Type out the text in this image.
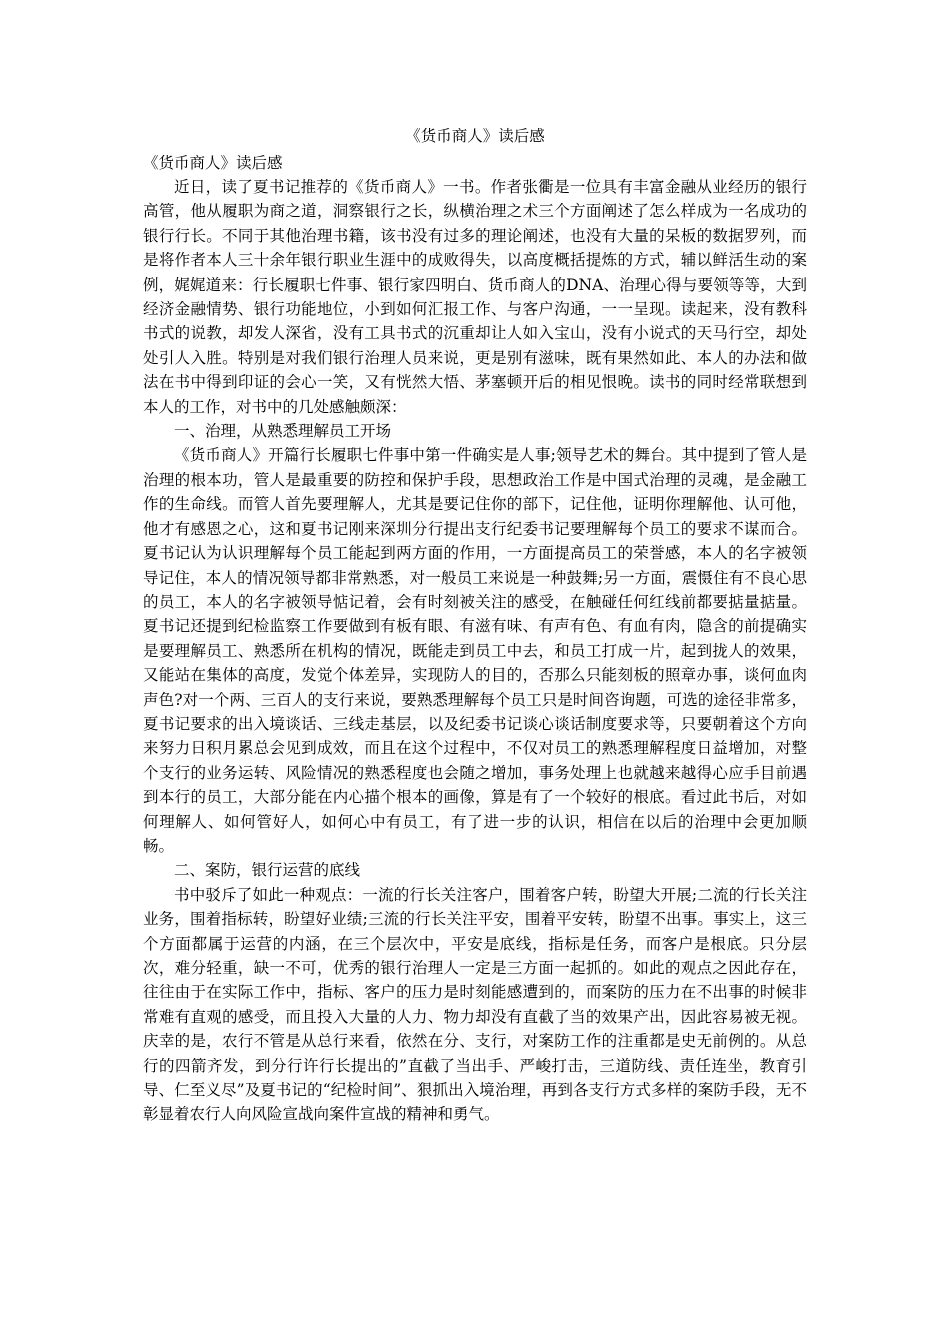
《货币商人》读后感
《货币商人》读后感

近日，读了夏书记推荐的《货币商人》一书。作者张衢是一位具有丰富金融从业经历的银行高管，他从履职为商之道，洞察银行之长，纵横治理之术三个方面阐述了怎么样成为一名成功的银行行长。不同于其他治理书籍，该书没有过多的理论阐述，也没有大量的呆板的数据罗列，而是将作者本人三十余年银行职业生涯中的成败得失，以高度概括提炼的方式，辅以鲜活生动的案例，娓娓道来：行长履职七件事、银行家四明白、货币商人的DNA、治理心得与要领等等，大到经济金融情势、银行功能地位，小到如何汇报工作、与客户沟通，一一呈现。读起来，没有教科书式的说教，却发人深省，没有工具书式的沉重却让人如入宝山，没有小说式的天马行空，却处处引人入胜。特别是对我们银行治理人员来说，更是别有滋味，既有果然如此、本人的办法和做法在书中得到印证的会心一笑，又有恍然大悟、茅塞顿开后的相见恨晚。读书的同时经常联想到本人的工作，对书中的几处感触颇深：

一、治理，从熟悉理解员工开场

《货币商人》开篇行长履职七件事中第一件确实是人事;领导艺术的舞台。其中提到了管人是治理的根本功，管人是最重要的防控和保护手段，思想政治工作是中国式治理的灵魂，是金融工作的生命线。而管人首先要理解人，尤其是要记住你的部下，记住他，证明你理解他、认可他，他才有感恩之心，这和夏书记刚来深圳分行提出支行纪委书记要理解每个员工的要求不谋而合。夏书记认为认识理解每个员工能起到两方面的作用，一方面提高员工的荣誉感，本人的名字被领导记住，本人的情况领导都非常熟悉，对一般员工来说是一种鼓舞;另一方面，震慑住有不良心思的员工，本人的名字被领导惦记着，会有时刻被关注的感受，在触碰任何红线前都要掂量掂量。夏书记还提到纪检监察工作要做到有板有眼、有滋有味、有声有色、有血有肉，隐含的前提确实是要理解员工、熟悉所在机构的情况，既能走到员工中去，和员工打成一片，起到拢人的效果，又能站在集体的高度，发觉个体差异，实现防人的目的，否那么只能刻板的照章办事，谈何血肉声色?对一个两、三百人的支行来说，要熟悉理解每个员工只是时间咨询题，可选的途径非常多，夏书记要求的出入境谈话、三线走基层，以及纪委书记谈心谈话制度要求等，只要朝着这个方向来努力日积月累总会见到成效，而且在这个过程中，不仅对员工的熟悉理解程度日益增加，对整个支行的业务运转、风险情况的熟悉程度也会随之增加，事务处理上也就越来越得心应手目前遇到本行的员工，大部分能在内心描个根本的画像，算是有了一个较好的根底。看过此书后，对如何理解人、如何管好人，如何心中有员工，有了进一步的认识，相信在以后的治理中会更加顺畅。

二、案防，银行运营的底线

书中驳斥了如此一种观点：一流的行长关注客户，围着客户转，盼望大开展;二流的行长关注业务，围着指标转，盼望好业绩;三流的行长关注平安，围着平安转，盼望不出事。事实上，这三个方面都属于运营的内涵，在三个层次中，平安是底线，指标是任务，而客户是根底。只分层次，难分轻重，缺一不可，优秀的银行治理人一定是三方面一起抓的。如此的观点之因此存在，往往由于在实际工作中，指标、客户的压力是时刻能感遭到的，而案防的压力在不出事的时候非常难有直观的感受，而且投入大量的人力、物力却没有直截了当的效果产出，因此容易被无视。庆幸的是，农行不管是从总行来看，依然在分、支行，对案防工作的注重都是史无前例的。从总行的四箭齐发，到分行许行长提出的”直截了当出手、严峻打击，三道防线、责任连坐，教育引导、仁至义尽”及夏书记的“纪检时间”、狠抓出入境治理，再到各支行方式多样的案防手段，无不彰显着农行人向风险宣战向案件宣战的精神和勇气。
